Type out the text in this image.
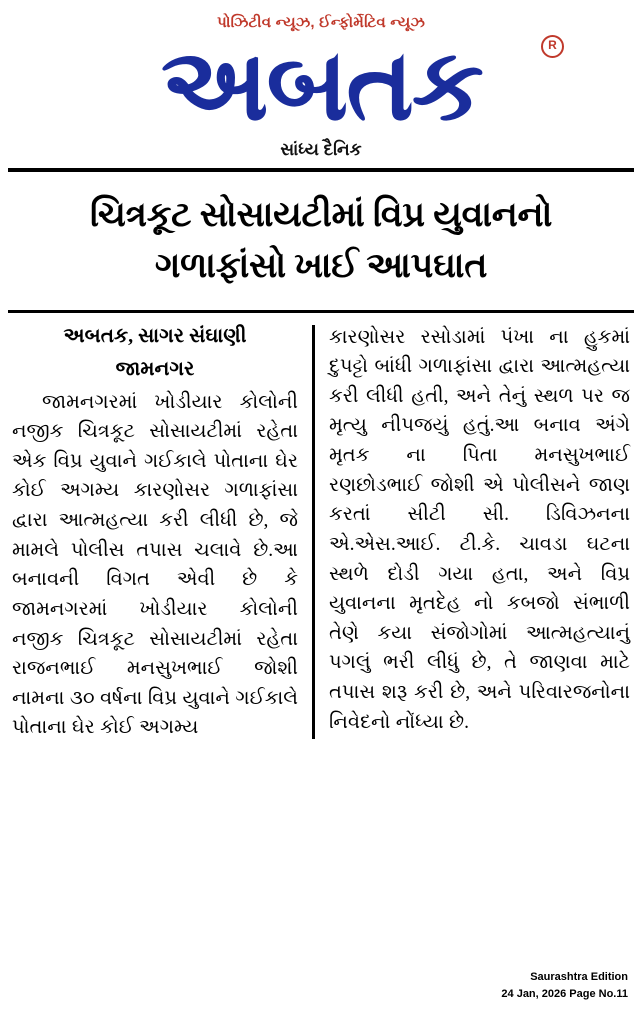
પોઝિટીવ ન્યૂઝ, ઈન્ફોર્મેટિવ ન્યૂઝ
અબતક	R
સાંધ્ય દૈનિક
ચિત્રકૂટ સોસાયટીમાં વિપ્ર યુવાનનો
ગળાફાંસો ખાઈ આપઘાત
અબતક, સાગર સંઘાણી
જામનગર

જામનગરમાં ખોડીયાર કોલોની નજીક ચિત્રકૂટ સોસાયટીમાં રહેતા એક વિપ્ર યુવાને ગઈકાલે પોતાના ઘેર કોઈ અગમ્ય કારણોસર ગળાફાંસા દ્વારા આત્મહત્યા કરી લીધી છે, જે મામલે પોલીસ તપાસ ચલાવે છે.આ બનાવની વિગત એવી છે કે જામનગરમાં ખોડીયાર કોલોની નજીક ચિત્રકૂટ સોસાયટીમાં રહેતા રાજનભાઈ મનસુખભાઈ જોશી નામના ૩૦ વર્ષના વિપ્ર યુવાને ગઈકાલે પોતાના ઘેર કોઈ અગમ્ય

કારણોસર રસોડામાં પંખા ના હુકમાં દુપટ્ટો બાંધી ગળાફાંસા દ્વારા આત્મહત્યા કરી લીધી હતી, અને તેનું સ્થળ પર જ મૃત્યુ નીપજયું હતું.આ બનાવ અંગે મૃતક ના પિતા મનસુખભાઈ રણછોડભાઈ જોશી એ પોલીસને જાણ કરતાં સીટી સી. ડિવિઝનના એ.એસ.આઈ. ટી.કે. ચાવડા ઘટના સ્થળે દોડી ગયા હતા, અને વિપ્ર યુવાનના મૃતદેહ નો કબજો સંભાળી તેણે કયા સંજોગોમાં આત્મહત્યાનું પગલું ભરી લીધું છે, તે જાણવા માટે તપાસ શરૂ કરી છે, અને પરિવારજનોના નિવેદનો નોંધ્યા છે.

Saurashtra Edition
24 Jan, 2026 Page No.11
